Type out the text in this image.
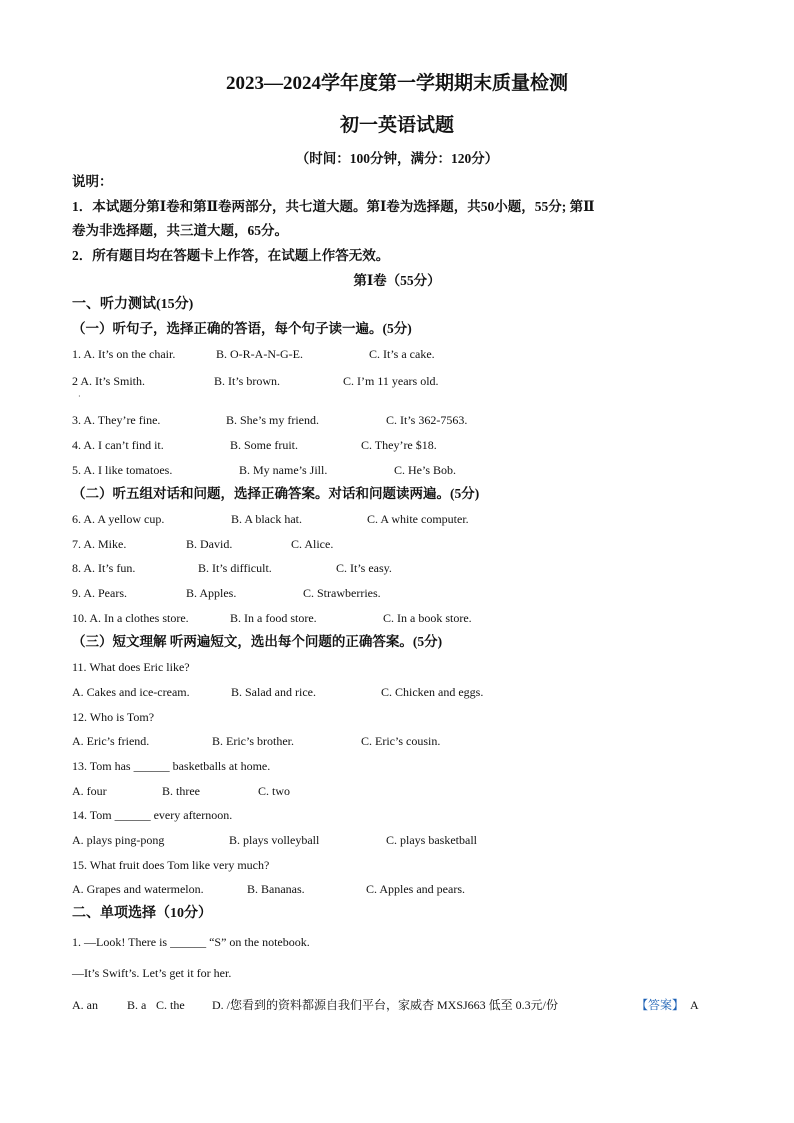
2023—2024学年度第一学期期末质量检测
初一英语试题
（时间：100分钟，满分：120分）
说明：
1．本试题分第Ⅰ卷和第Ⅱ卷两部分，共七道大题。第Ⅰ卷为选择题，共50小题，55分; 第Ⅱ
卷为非选择题，共三道大题，65分。
2．所有题目均在答题卡上作答，在试题上作答无效。
第Ⅰ卷（55分）
一、听力测试(15分)
（一）听句子，选择正确的答语，每个句子读一遍。(5分)
1. A. It’s on the chair.	B. O-R-A-N-G-E.	C. It’s a cake.
2 A. It’s Smith.	B. It’s brown.	C. I’m 11 years old.
·
3. A. They’re fine.	B. She’s my friend.	C. It’s 362-7563.
4. A. I can’t find it.	B. Some fruit.	C. They’re $18.
5. A. I like tomatoes.	B. My name’s Jill.	C. He’s Bob.
（二）听五组对话和问题，选择正确答案。对话和问题读两遍。(5分)
6. A. A yellow cup.	B. A black hat.	C. A white computer.
7. A. Mike.	B. David.	C. Alice.
8. A. It’s fun.	B. It’s difficult.	C. It’s easy.
9. A. Pears.	B. Apples.	C. Strawberries.
10. A. In a clothes store.	B. In a food store.	C. In a book store.
（三）短文理解 听两遍短文，选出每个问题的正确答案。(5分)
11. What does Eric like?
A. Cakes and ice-cream.	B. Salad and rice.	C. Chicken and eggs.
12. Who is Tom?
A. Eric’s friend.	B. Eric’s brother.	C. Eric’s cousin.
13. Tom has ______ basketballs at home.
A. four	B. three	C. two
14. Tom ______ every afternoon.
A. plays ping-pong	B. plays volleyball	C. plays basketball
15. What fruit does Tom like very much?
A. Grapes and watermelon.	B. Bananas.	C. Apples and pears.
二、单项选择（10分）
1. —Look! There is ______ “S” on the notebook.
—It’s Swift’s. Let’s get it for her.
A. an B. a C. the D. /您看到的资料都源自我们平台，家威杏 MXSJ663 低至 0.3元/份	【答案】 A
